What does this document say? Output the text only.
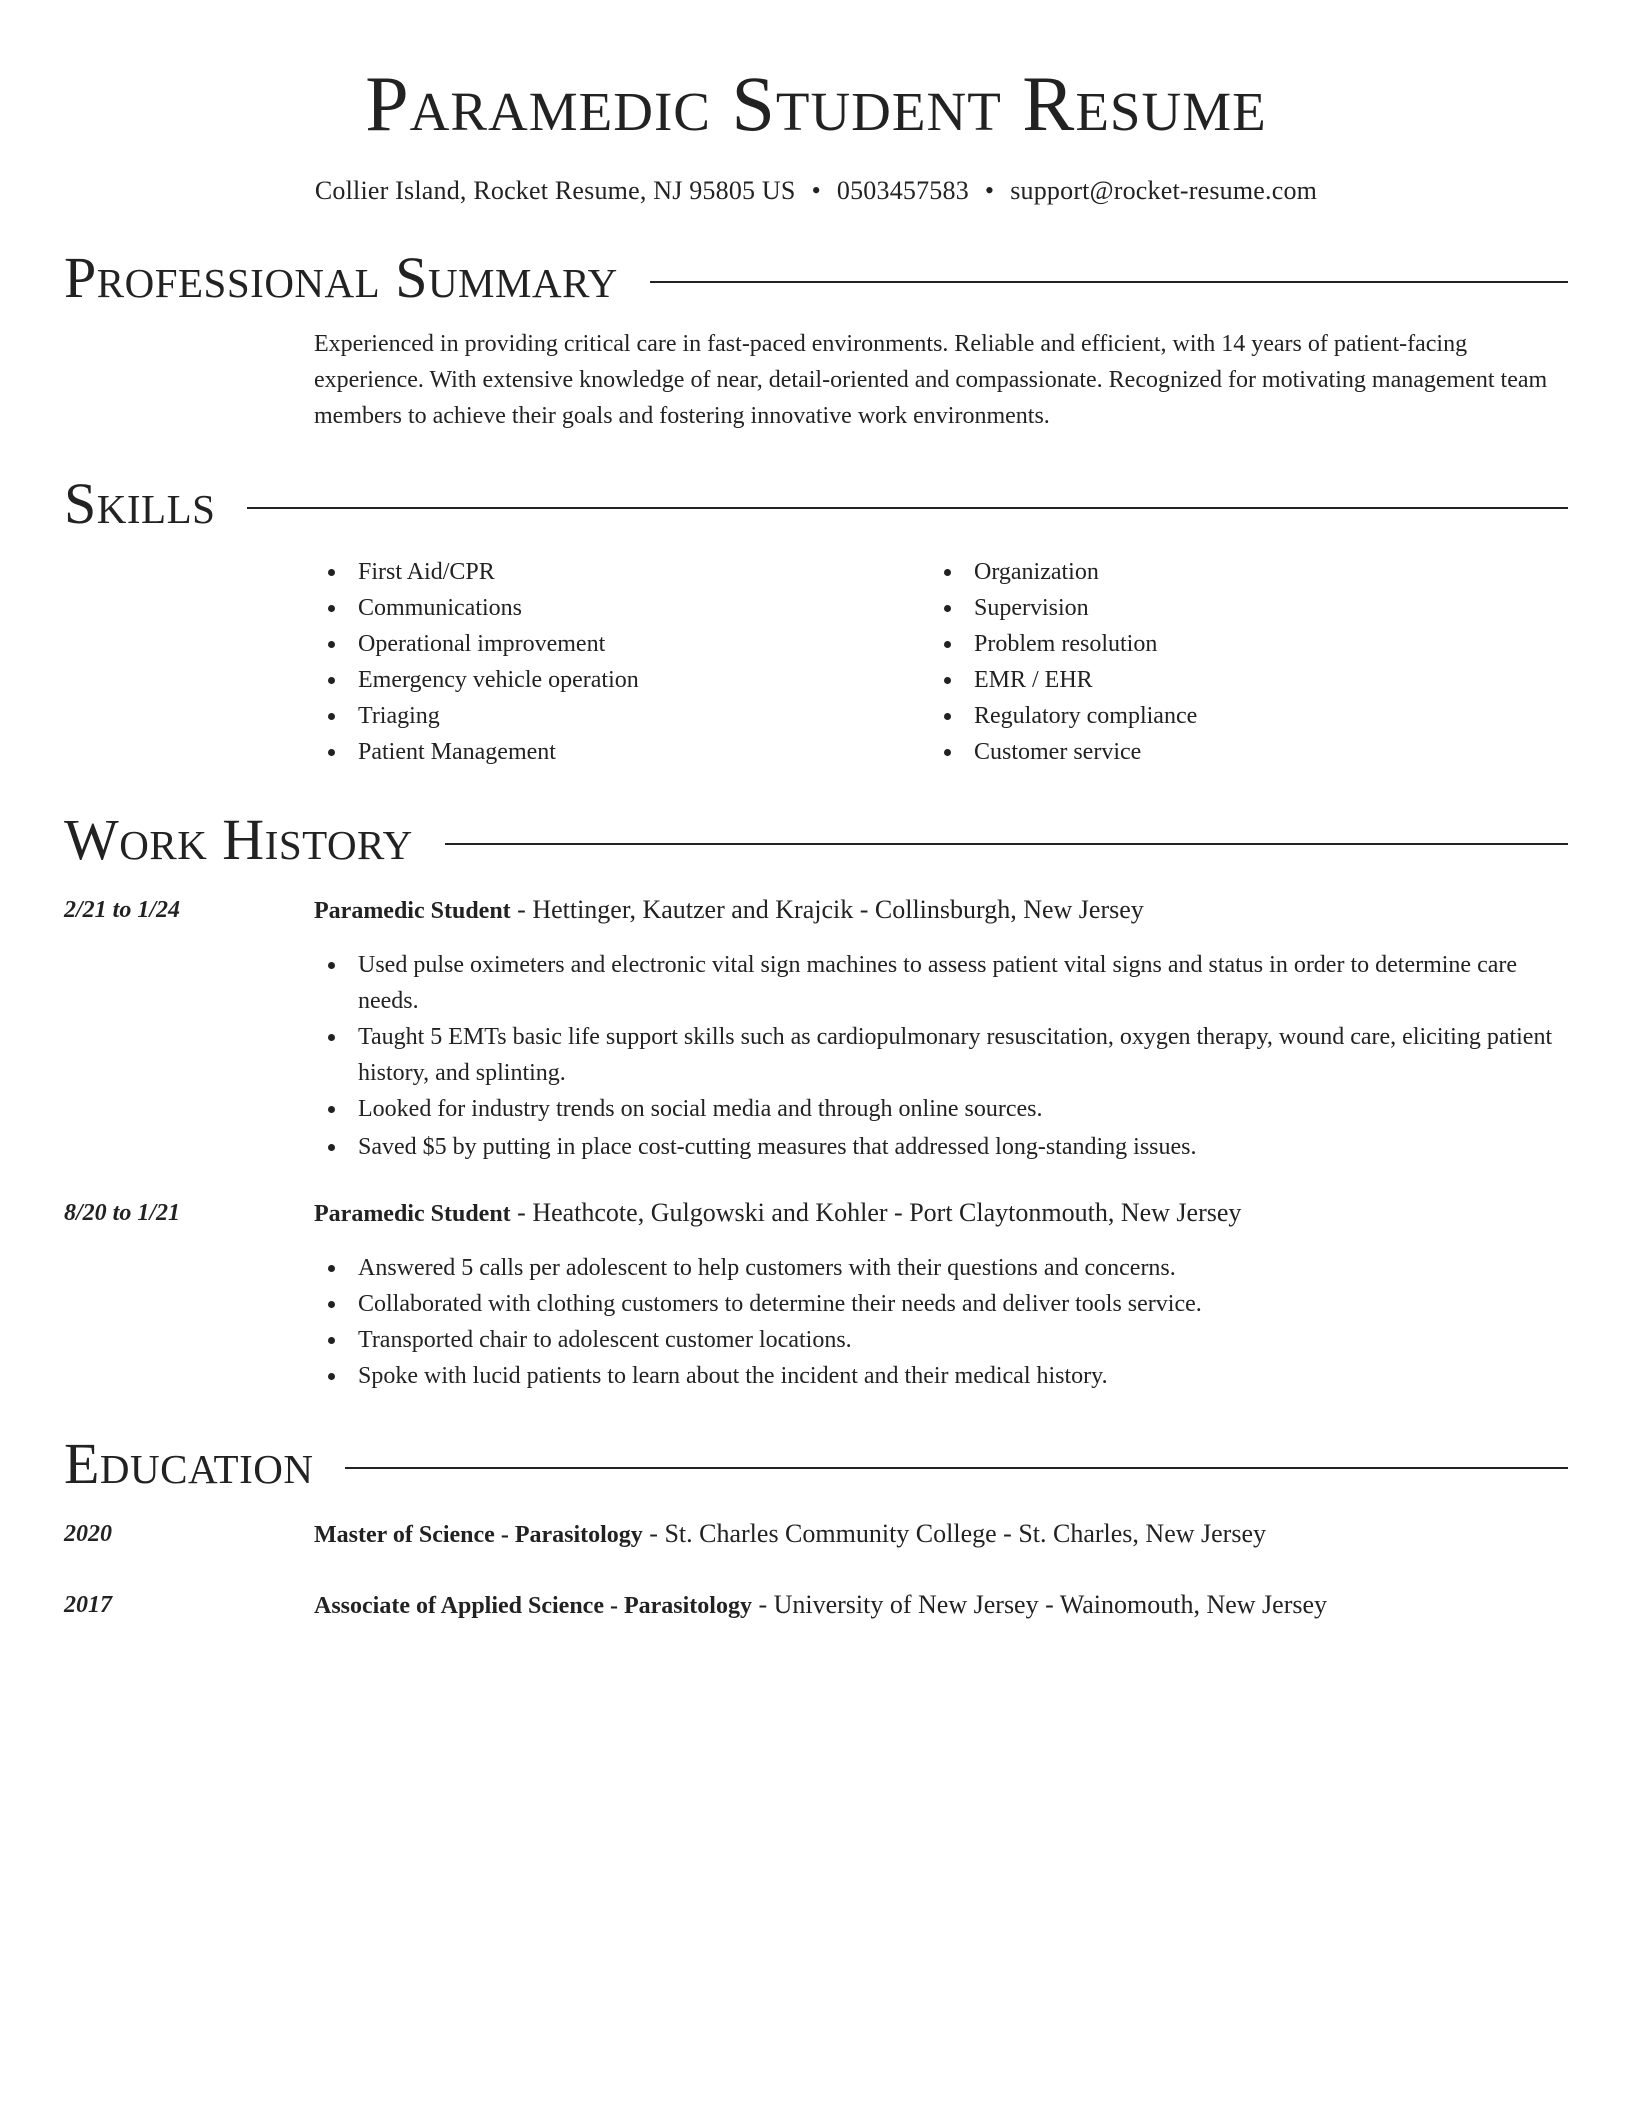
Paramedic Student Resume
Collier Island, Rocket Resume, NJ 95805 US • 0503457583 • support@rocket-resume.com
Professional Summary
Experienced in providing critical care in fast-paced environments. Reliable and efficient, with 14 years of patient-facing experience. With extensive knowledge of near, detail-oriented and compassionate. Recognized for motivating management team members to achieve their goals and fostering innovative work environments.
Skills
First Aid/CPR
Communications
Operational improvement
Emergency vehicle operation
Triaging
Patient Management
Organization
Supervision
Problem resolution
EMR / EHR
Regulatory compliance
Customer service
Work History
2/21 to 1/24	Paramedic Student - Hettinger, Kautzer and Krajcik - Collinsburgh, New Jersey
Used pulse oximeters and electronic vital sign machines to assess patient vital signs and status in order to determine care needs.
Taught 5 EMTs basic life support skills such as cardiopulmonary resuscitation, oxygen therapy, wound care, eliciting patient history, and splinting.
Looked for industry trends on social media and through online sources.
Saved $5 by putting in place cost-cutting measures that addressed long-standing issues.
8/20 to 1/21	Paramedic Student - Heathcote, Gulgowski and Kohler - Port Claytonmouth, New Jersey
Answered 5 calls per adolescent to help customers with their questions and concerns.
Collaborated with clothing customers to determine their needs and deliver tools service.
Transported chair to adolescent customer locations.
Spoke with lucid patients to learn about the incident and their medical history.
Education
2020	Master of Science - Parasitology - St. Charles Community College - St. Charles, New Jersey
2017	Associate of Applied Science - Parasitology - University of New Jersey - Wainomouth, New Jersey
